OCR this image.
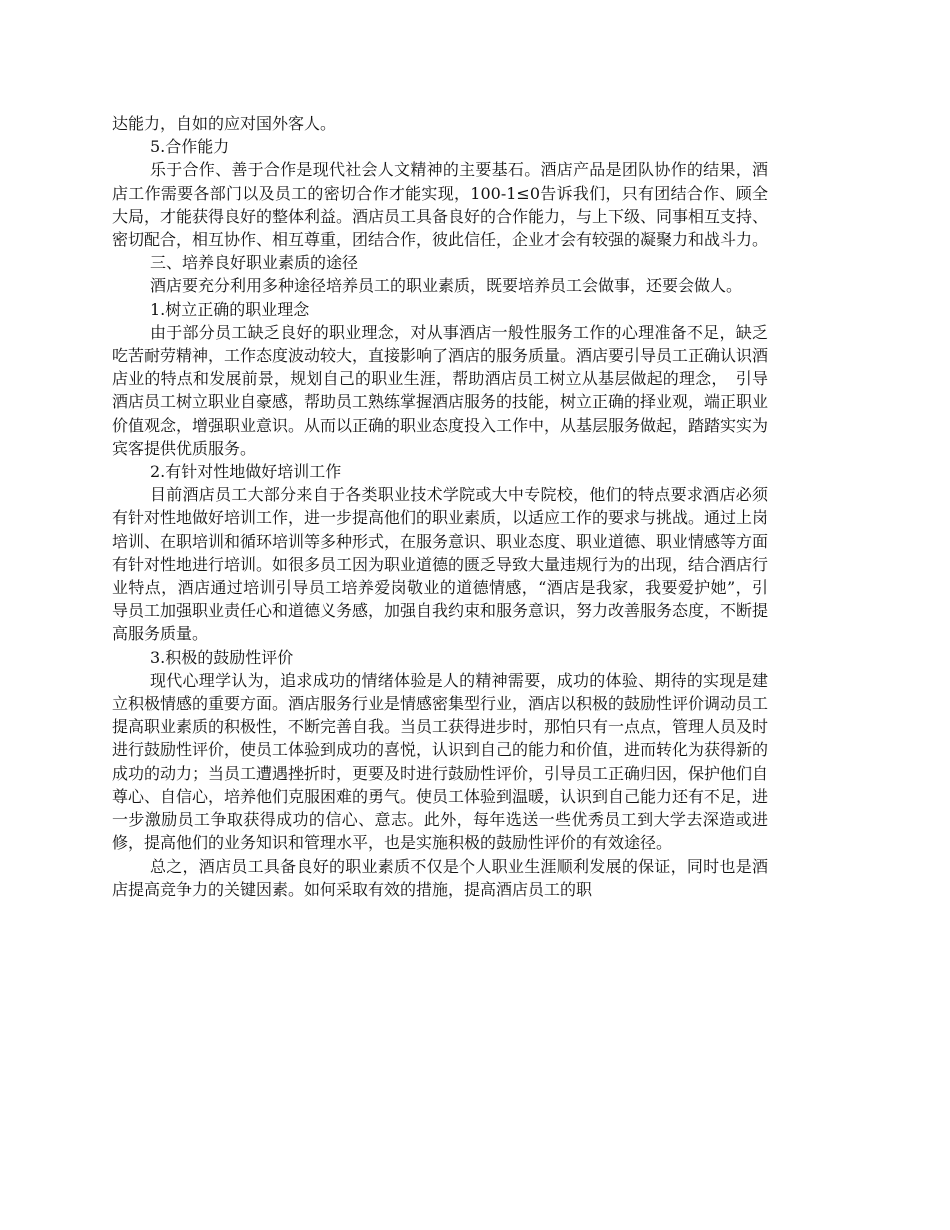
达能力，自如的应对国外客人。

5.合作能力

乐于合作、善于合作是现代社会人文精神的主要基石。酒店产品是团队协作的结果，酒店工作需要各部门以及员工的密切合作才能实现，100-1≤0告诉我们，只有团结合作、顾全大局，才能获得良好的整体利益。酒店员工具备良好的合作能力，与上下级、同事相互支持、密切配合，相互协作、相互尊重，团结合作，彼此信任，企业才会有较强的凝聚力和战斗力。

三、培养良好职业素质的途径

酒店要充分利用多种途径培养员工的职业素质，既要培养员工会做事，还要会做人。

1.树立正确的职业理念

由于部分员工缺乏良好的职业理念，对从事酒店一般性服务工作的心理准备不足，缺乏吃苦耐劳精神，工作态度波动较大，直接影响了酒店的服务质量。酒店要引导员工正确认识酒店业的特点和发展前景，规划自己的职业生涯，帮助酒店员工树立从基层做起的理念，　引导酒店员工树立职业自豪感，帮助员工熟练掌握酒店服务的技能，树立正确的择业观，端正职业价值观念，增强职业意识。从而以正确的职业态度投入工作中，从基层服务做起，踏踏实实为宾客提供优质服务。

2.有针对性地做好培训工作

目前酒店员工大部分来自于各类职业技术学院或大中专院校，他们的特点要求酒店必须有针对性地做好培训工作，进一步提高他们的职业素质，以适应工作的要求与挑战。通过上岗培训、在职培训和循环培训等多种形式，在服务意识、职业态度、职业道德、职业情感等方面有针对性地进行培训。如很多员工因为职业道德的匮乏导致大量违规行为的出现，结合酒店行业特点，酒店通过培训引导员工培养爱岗敬业的道德情感，“酒店是我家，我要爱护她”，引导员工加强职业责任心和道德义务感，加强自我约束和服务意识，努力改善服务态度，不断提高服务质量。

3.积极的鼓励性评价

现代心理学认为，追求成功的情绪体验是人的精神需要，成功的体验、期待的实现是建立积极情感的重要方面。酒店服务行业是情感密集型行业，酒店以积极的鼓励性评价调动员工提高职业素质的积极性，不断完善自我。当员工获得进步时，那怕只有一点点，管理人员及时进行鼓励性评价，使员工体验到成功的喜悦，认识到自己的能力和价值，进而转化为获得新的成功的动力；当员工遭遇挫折时，更要及时进行鼓励性评价，引导员工正确归因，保护他们自尊心、自信心，培养他们克服困难的勇气。使员工体验到温暖，认识到自己能力还有不足，进一步激励员工争取获得成功的信心、意志。此外，每年选送一些优秀员工到大学去深造或进修，提高他们的业务知识和管理水平，也是实施积极的鼓励性评价的有效途径。

总之，酒店员工具备良好的职业素质不仅是个人职业生涯顺利发展的保证，同时也是酒店提高竞争力的关键因素。如何采取有效的措施，提高酒店员工的职
